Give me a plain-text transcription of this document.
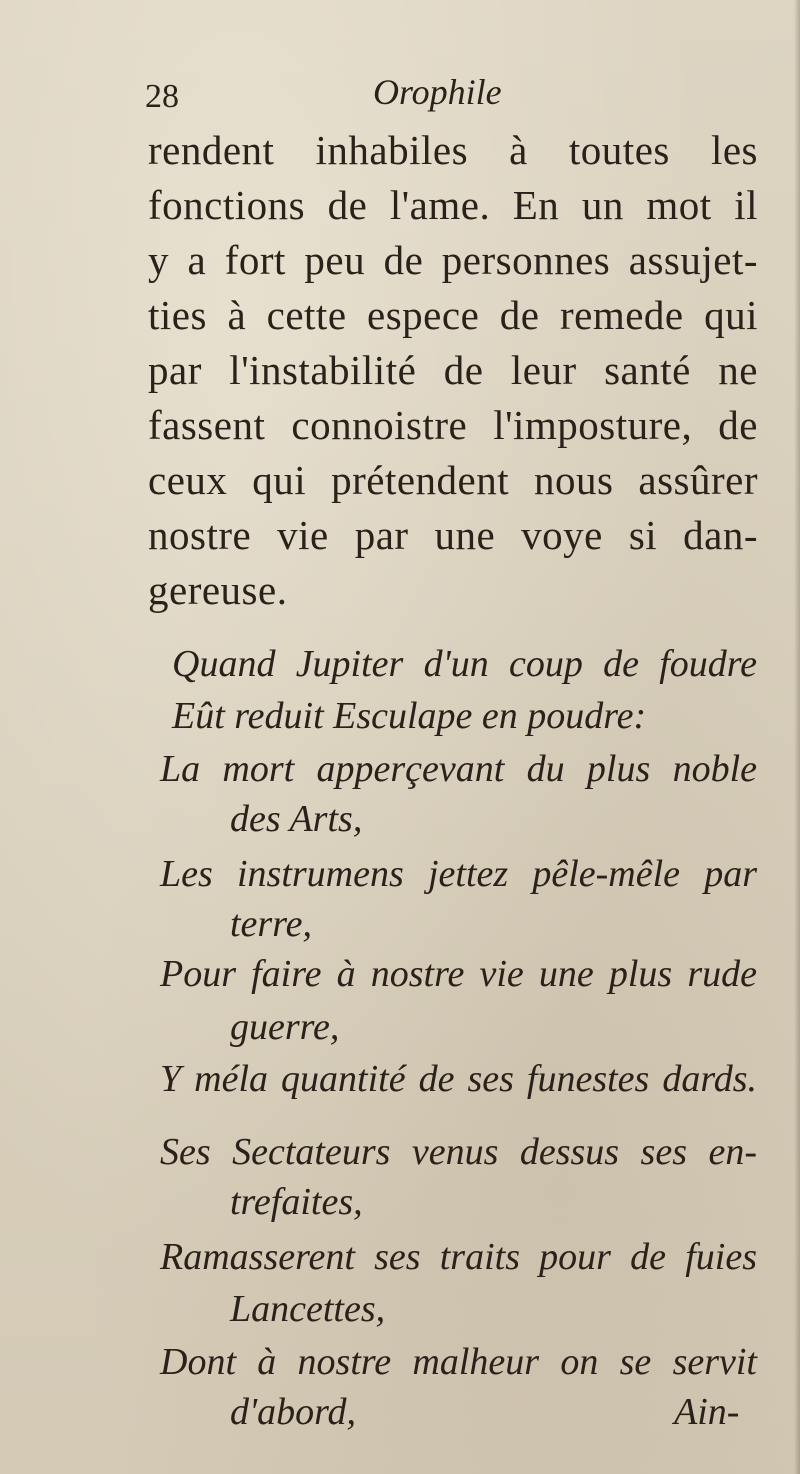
28	Orophile
rendent inhabiles à toutes les
fonctions de l'ame. En un mot il
y a fort peu de personnes assujet-
ties à cette espece de remede qui
par l'instabilité de leur santé ne
fassent connoistre l'imposture, de
ceux qui prétendent nous assûrer
nostre vie par une voye si dan-
gereuse.
Quand Jupiter d'un coup de foudre
Eût reduit Esculape en poudre:
La mort apperçevant du plus noble
des Arts,
Les instrumens jettez pêle-mêle par
terre,
Pour faire à nostre vie une plus rude
guerre,
Y méla quantité de ses funestes dards.
Ses Sectateurs venus dessus ses en-
trefaites,
Ramasserent ses traits pour de fuies
Lancettes,
Dont à nostre malheur on se servit
d'abord,	Ain-
